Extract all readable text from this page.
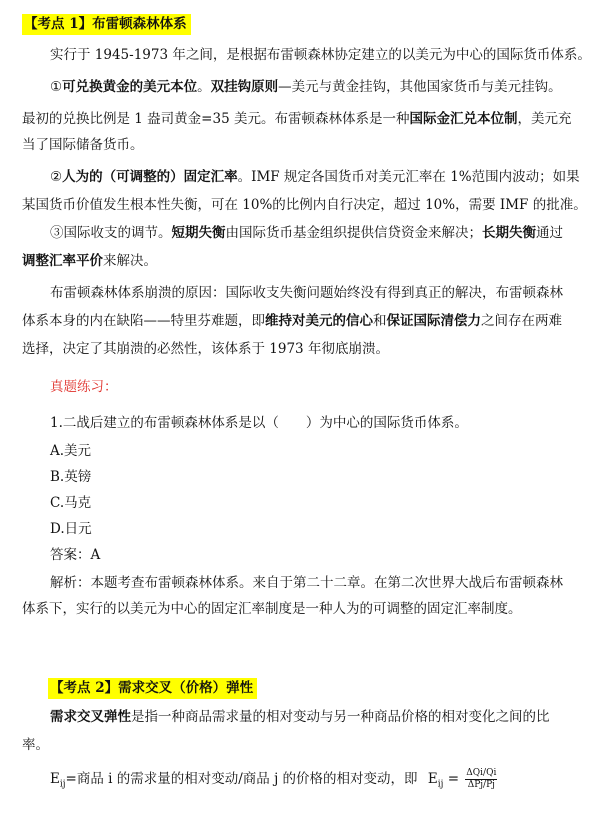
【考点 1】布雷顿森林体系
实行于 1945-1973 年之间，是根据布雷顿森林协定建立的以美元为中心的国际货币体系。
①可兑换黄金的美元本位。双挂钩原则—美元与黄金挂钩，其他国家货币与美元挂钩。
最初的兑换比例是 1 盎司黄金=35 美元。布雷顿森林体系是一种国际金汇兑本位制，美元充
当了国际储备货币。
②人为的（可调整的）固定汇率。IMF 规定各国货币对美元汇率在 1%范围内波动；如果
某国货币价值发生根本性失衡，可在 10%的比例内自行决定，超过 10%，需要 IMF 的批准。
③国际收支的调节。短期失衡由国际货币基金组织提供信贷资金来解决；长期失衡通过
调整汇率平价来解决。
布雷顿森林体系崩溃的原因：国际收支失衡问题始终没有得到真正的解决，布雷顿森林
体系本身的内在缺陷——特里芬难题，即维持对美元的信心和保证国际清偿力之间存在两难
选择，决定了其崩溃的必然性，该体系于 1973 年彻底崩溃。
真题练习：
1.二战后建立的布雷顿森林体系是以（　　）为中心的国际货币体系。
A.美元
B.英镑
C.马克
D.日元
答案：A
解析：本题考查布雷顿森林体系。来自于第二十二章。在第二次世界大战后布雷顿森林
体系下，实行的以美元为中心的固定汇率制度是一种人为的可调整的固定汇率制度。
【考点 2】需求交叉（价格）弹性
需求交叉弹性是指一种商品需求量的相对变动与另一种商品价格的相对变化之间的比
率。
$E_{ij}=$商品 i 的需求量的相对变动/商品 j 的价格的相对变动，即 $E_{ij} = \frac{\text{ΔQi/Qi}}{\text{ΔPj/Pj}}$
